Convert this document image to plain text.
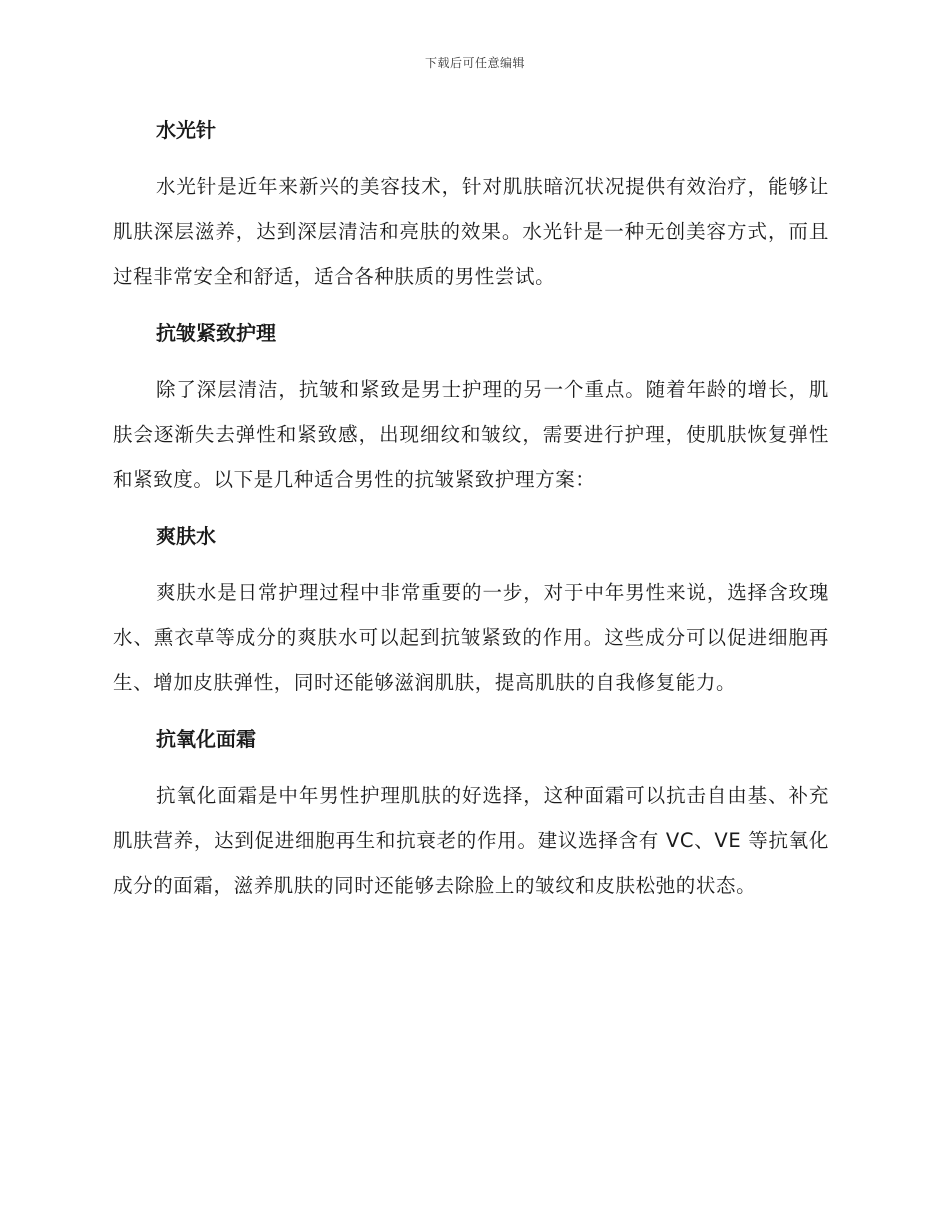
下载后可任意编辑
水光针

水光针是近年来新兴的美容技术，针对肌肤暗沉状况提供有效治疗，能够让肌肤深层滋养，达到深层清洁和亮肤的效果。水光针是一种无创美容方式，而且过程非常安全和舒适，适合各种肤质的男性尝试。

抗皱紧致护理

除了深层清洁，抗皱和紧致是男士护理的另一个重点。随着年龄的增长，肌肤会逐渐失去弹性和紧致感，出现细纹和皱纹，需要进行护理，使肌肤恢复弹性和紧致度。以下是几种适合男性的抗皱紧致护理方案：

爽肤水

爽肤水是日常护理过程中非常重要的一步，对于中年男性来说，选择含玫瑰水、熏衣草等成分的爽肤水可以起到抗皱紧致的作用。这些成分可以促进细胞再生、增加皮肤弹性，同时还能够滋润肌肤，提高肌肤的自我修复能力。

抗氧化面霜

抗氧化面霜是中年男性护理肌肤的好选择，这种面霜可以抗击自由基、补充肌肤营养，达到促进细胞再生和抗衰老的作用。建议选择含有 VC、VE 等抗氧化成分的面霜，滋养肌肤的同时还能够去除脸上的皱纹和皮肤松弛的状态。
